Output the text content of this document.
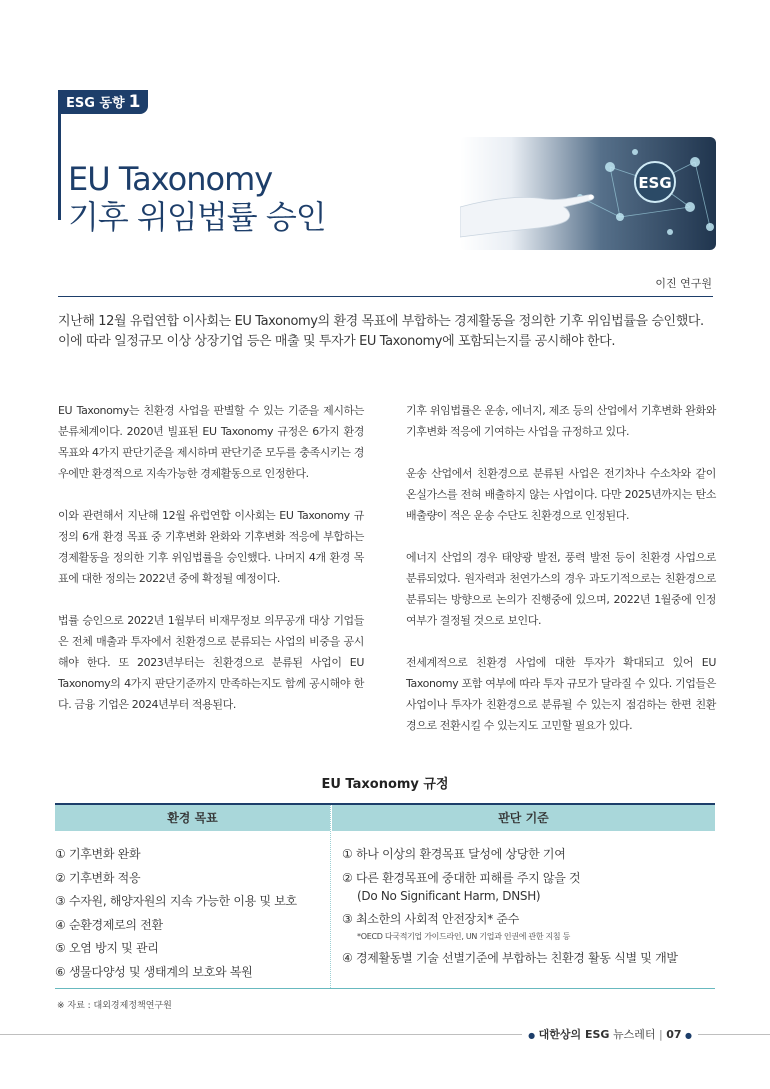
ESG 동향 1
EU Taxonomy
기후 위임법률 승인
ESG
이진 연구원
지난해 12월 유럽연합 이사회는 EU Taxonomy의 환경 목표에 부합하는 경제활동을 정의한 기후 위임법률을 승인했다. 이에 따라 일정규모 이상 상장기업 등은 매출 및 투자가 EU Taxonomy에 포함되는지를 공시해야 한다.

EU Taxonomy는 친환경 사업을 판별할 수 있는 기준을 제시하는 분류체계이다. 2020년 빌표된 EU Taxonomy 규정은 6가지 환경 목표와 4가지 판단기준을 제시하며 판단기준 모두를 충족시키는 경우에만 환경적으로 지속가능한 경제활동으로 인정한다.

이와 관련해서 지난해 12월 유럽연합 이사회는 EU Taxonomy 규정의 6개 환경 목표 중 기후변화 완화와 기후변화 적응에 부합하는 경제활동을 정의한 기후 위임법률을 승인했다. 나머지 4개 환경 목표에 대한 정의는 2022년 중에 확정될 예정이다.

법률 승인으로 2022년 1월부터 비재무정보 의무공개 대상 기업들은 전체 매출과 투자에서 친환경으로 분류되는 사업의 비중을 공시해야 한다. 또 2023년부터는 친환경으로 분류된 사업이 EU Taxonomy의 4가지 판단기준까지 만족하는지도 함께 공시해야 한다. 금융 기업은 2024년부터 적용된다.

기후 위임법률은 운송, 에너지, 제조 등의 산업에서 기후변화 완화와 기후변화 적응에 기여하는 사업을 규정하고 있다.

운송 산업에서 친환경으로 분류된 사업은 전기차나 수소차와 같이 온실가스를 전혀 배출하지 않는 사업이다. 다만 2025년까지는 탄소 배출량이 적은 운송 수단도 친환경으로 인정된다.

에너지 산업의 경우 태양광 발전, 풍력 발전 등이 친환경 사업으로 분류되었다. 원자력과 천연가스의 경우 과도기적으로는 친환경으로 분류되는 방향으로 논의가 진행중에 있으며, 2022년 1월중에 인정 여부가 결정될 것으로 보인다.

전세계적으로 친환경 사업에 대한 투자가 확대되고 있어 EU Taxonomy 포함 여부에 따라 투자 규모가 달라질 수 있다. 기업들은 사업이나 투자가 친환경으로 분류될 수 있는지 점검하는 한편 친환경으로 전환시킬 수 있는지도 고민할 필요가 있다.

EU Taxonomy 규정
환경 목표	판단 기준
① 기후변화 완화
② 기후변화 적응
③ 수자원, 해양자원의 지속 가능한 이용 및 보호
④ 순환경제로의 전환
⑤ 오염 방지 및 관리
⑥ 생물다양성 및 생태계의 보호와 복원
① 하나 이상의 환경목표 달성에 상당한 기여
② 다른 환경목표에 중대한 피해를 주지 않을 것
(Do No Significant Harm, DNSH)
③ 최소한의 사회적 안전장치* 준수
*OECD 다국적기업 가이드라인, UN 기업과 인권에 관한 지침 등
④ 경제활동별 기술 선별기준에 부합하는 친환경 활동 식별 및 개발
※ 자료 : 대외경제정책연구원
● 대한상의 ESG 뉴스레터 | 07 ●
